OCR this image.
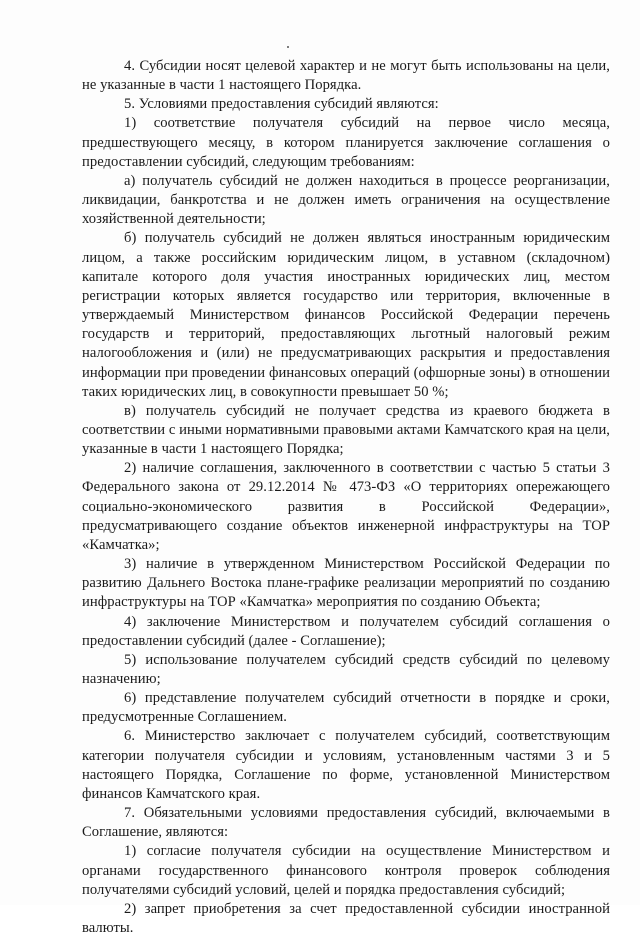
4. Субсидии носят целевой характер и не могут быть использованы на цели, не указанные в части 1 настоящего Порядка.

5. Условиями предоставления субсидий являются:

1) соответствие получателя субсидий на первое число месяца, предшествующего месяцу, в котором планируется заключение соглашения о предоставлении субсидий, следующим требованиям:

а) получатель субсидий не должен находиться в процессе реорганизации, ликвидации, банкротства и не должен иметь ограничения на осуществление хозяйственной деятельности;

б) получатель субсидий не должен являться иностранным юридическим лицом, а также российским юридическим лицом, в уставном (складочном) капитале которого доля участия иностранных юридических лиц, местом регистрации которых является государство или территория, включенные в утверждаемый Министерством финансов Российской Федерации перечень государств и территорий, предоставляющих льготный налоговый режим налогообложения и (или) не предусматривающих раскрытия и предоставления информации при проведении финансовых операций (офшорные зоны) в отношении таких юридических лиц, в совокупности превышает 50 %;

в) получатель субсидий не получает средства из краевого бюджета в соответствии с иными нормативными правовыми актами Камчатского края на цели, указанные в части 1 настоящего Порядка;

2) наличие соглашения, заключенного в соответствии с частью 5 статьи 3 Федерального закона от 29.12.2014 № 473-ФЗ «О территориях опережающего социально-экономического развития в Российской Федерации», предусматривающего создание объектов инженерной инфраструктуры на ТОР «Камчатка»;

3) наличие в утвержденном Министерством Российской Федерации по развитию Дальнего Востока плане-графике реализации мероприятий по созданию инфраструктуры на ТОР «Камчатка» мероприятия по созданию Объекта;

4) заключение Министерством и получателем субсидий соглашения о предоставлении субсидий (далее - Соглашение);

5) использование получателем субсидий средств субсидий по целевому назначению;

6) представление получателем субсидий отчетности в порядке и сроки, предусмотренные Соглашением.

6. Министерство заключает с получателем субсидий, соответствующим категории получателя субсидии и условиям, установленным частями 3 и 5 настоящего Порядка, Соглашение по форме, установленной Министерством финансов Камчатского края.

7. Обязательными условиями предоставления субсидий, включаемыми в Соглашение, являются:

1) согласие получателя субсидии на осуществление Министерством и органами государственного финансового контроля проверок соблюдения получателями субсидий условий, целей и порядка предоставления субсидий;

2) запрет приобретения за счет предоставленной субсидии иностранной валюты.
